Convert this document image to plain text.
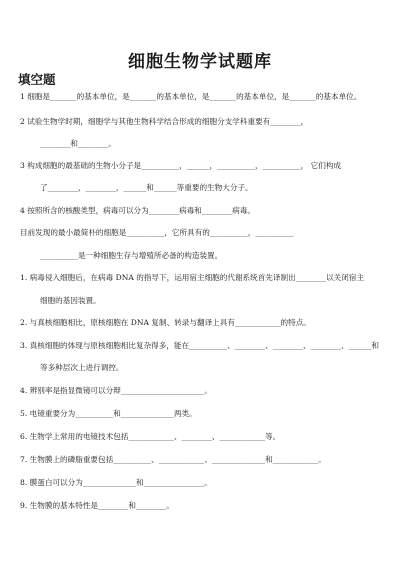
细胞生物学试题库
填空题
1 细胞是_______的基本单位，是_______的基本单位，是_______的基本单位，是_______的基本单位。
2 试验生物学时期，细胞学与其他生物科学结合形成的细胞分支学科重要有________，
________和________。
3 构成细胞的最基础的生物小分子是__________，______，__________，__________， 它们构成
了________，________，______和______等重要的生物大分子。
4 按照所含的核酸类型，病毒可以分为________病毒和________病毒。
目前发现的最小最简朴的细胞是__________，它所具有的__________，__________
__________是一种细胞生存与增殖所必备的构造装置。
1. 病毒侵入细胞后，在病毒 DNA 的指导下，运用宿主细胞的代谢系统首先译制出________以关闭宿主
细胞的基因装置。
2. 与真核细胞相比，原核细胞在 DNA 复制、转录与翻译上具有____________的特点。
3. 真核细胞的体现与原核细胞相比复杂得多，能在__________、________、________、________、______和
等多种层次上进行调控。
4. 辨别率是指显微镜可以分辩______________________。
5. 电镜重要分为__________和______________两类。
6. 生物学上常用的电镜技术包括____________、________、____________等。
7. 生物膜上的磷脂重要包括__________、____________、______________和____________。
8. 膜蛋白可以分为______________和________________。
9. 生物膜的基本特性是________和________。
